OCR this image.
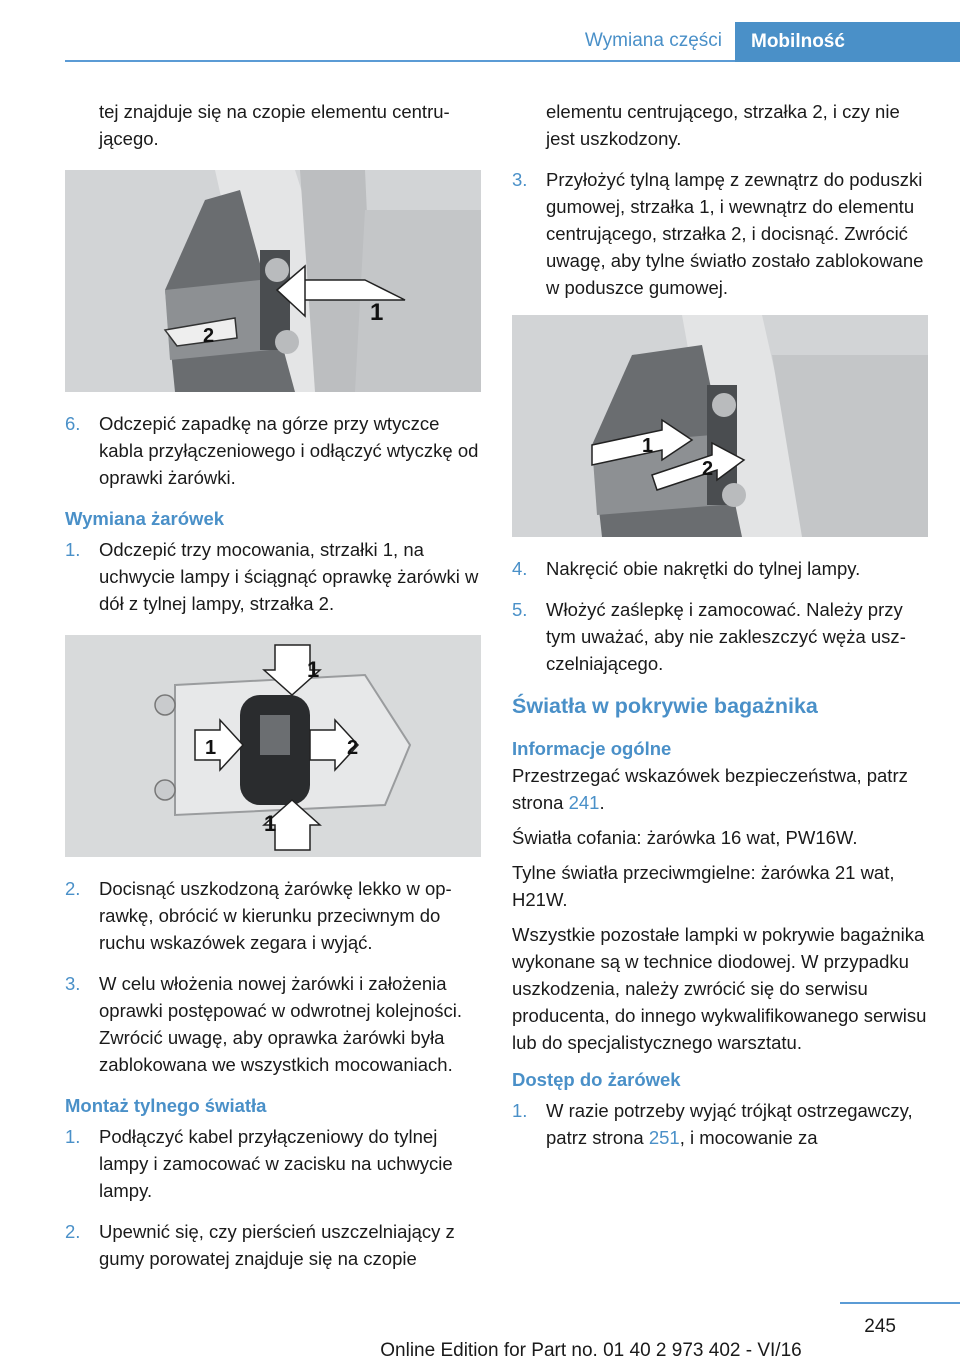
Wymiana części	Mobilność

tej znajduje się na czopie elementu centrującego.

1
2
6. Odczepić zapadkę na górze przy wtyczce kabla przyłączeniowego i odłączyć wtyczkę od oprawki żarówki.
Wymiana żarówek
1. Odczepić trzy mocowania, strzałki 1, na uchwycie lampy i ściągnąć oprawkę żarówki w dół z tylnej lampy, strzałka 2.
1
1	2
1
2. Docisnąć uszkodzoną żarówkę lekko w oprawkę, obrócić w kierunku przeciwnym do ruchu wskazówek zegara i wyjąć.
3. W celu włożenia nowej żarówki i założenia oprawki postępować w odwrotnej kolejności. Zwrócić uwagę, aby oprawka żarówki była zablokowana we wszystkich mocowaniach.
Montaż tylnego światła
1. Podłączyć kabel przyłączeniowy do tylnej lampy i zamocować w zacisku na uchwycie lampy.
2. Upewnić się, czy pierścień uszczelniający z gumy porowatej znajduje się na czopie

elementu centrującego, strzałka 2, i czy nie jest uszkodzony.

3. Przyłożyć tylną lampę z zewnątrz do poduszki gumowej, strzałka 1, i wewnątrz do elementu centrującego, strzałka 2, i docisnąć. Zwrócić uwagę, aby tylne światło zostało zablokowane w poduszce gumowej.
1
2
4. Nakręcić obie nakrętki do tylnej lampy.
5. Włożyć zaślepkę i zamocować. Należy przy tym uważać, aby nie zakleszczyć węża uszczelniającego.
Światła w pokrywie bagażnika
Informacje ogólne

Przestrzegać wskazówek bezpieczeństwa, patrz strona 241.

Światła cofania: żarówka 16 wat, PW16W.

Tylne światła przeciwmgielne: żarówka 21 wat, H21W.

Wszystkie pozostałe lampki w pokrywie bagażnika wykonane są w technice diodowej. W przypadku uszkodzenia, należy zwrócić się do serwisu producenta, do innego wykwalifikowanego serwisu lub do specjalistycznego warsztatu.

Dostęp do żarówek
1. W razie potrzeby wyjąć trójkąt ostrzegawczy, patrz strona 251, i mocowanie za
245
Online Edition for Part no. 01 40 2 973 402 - VI/16
